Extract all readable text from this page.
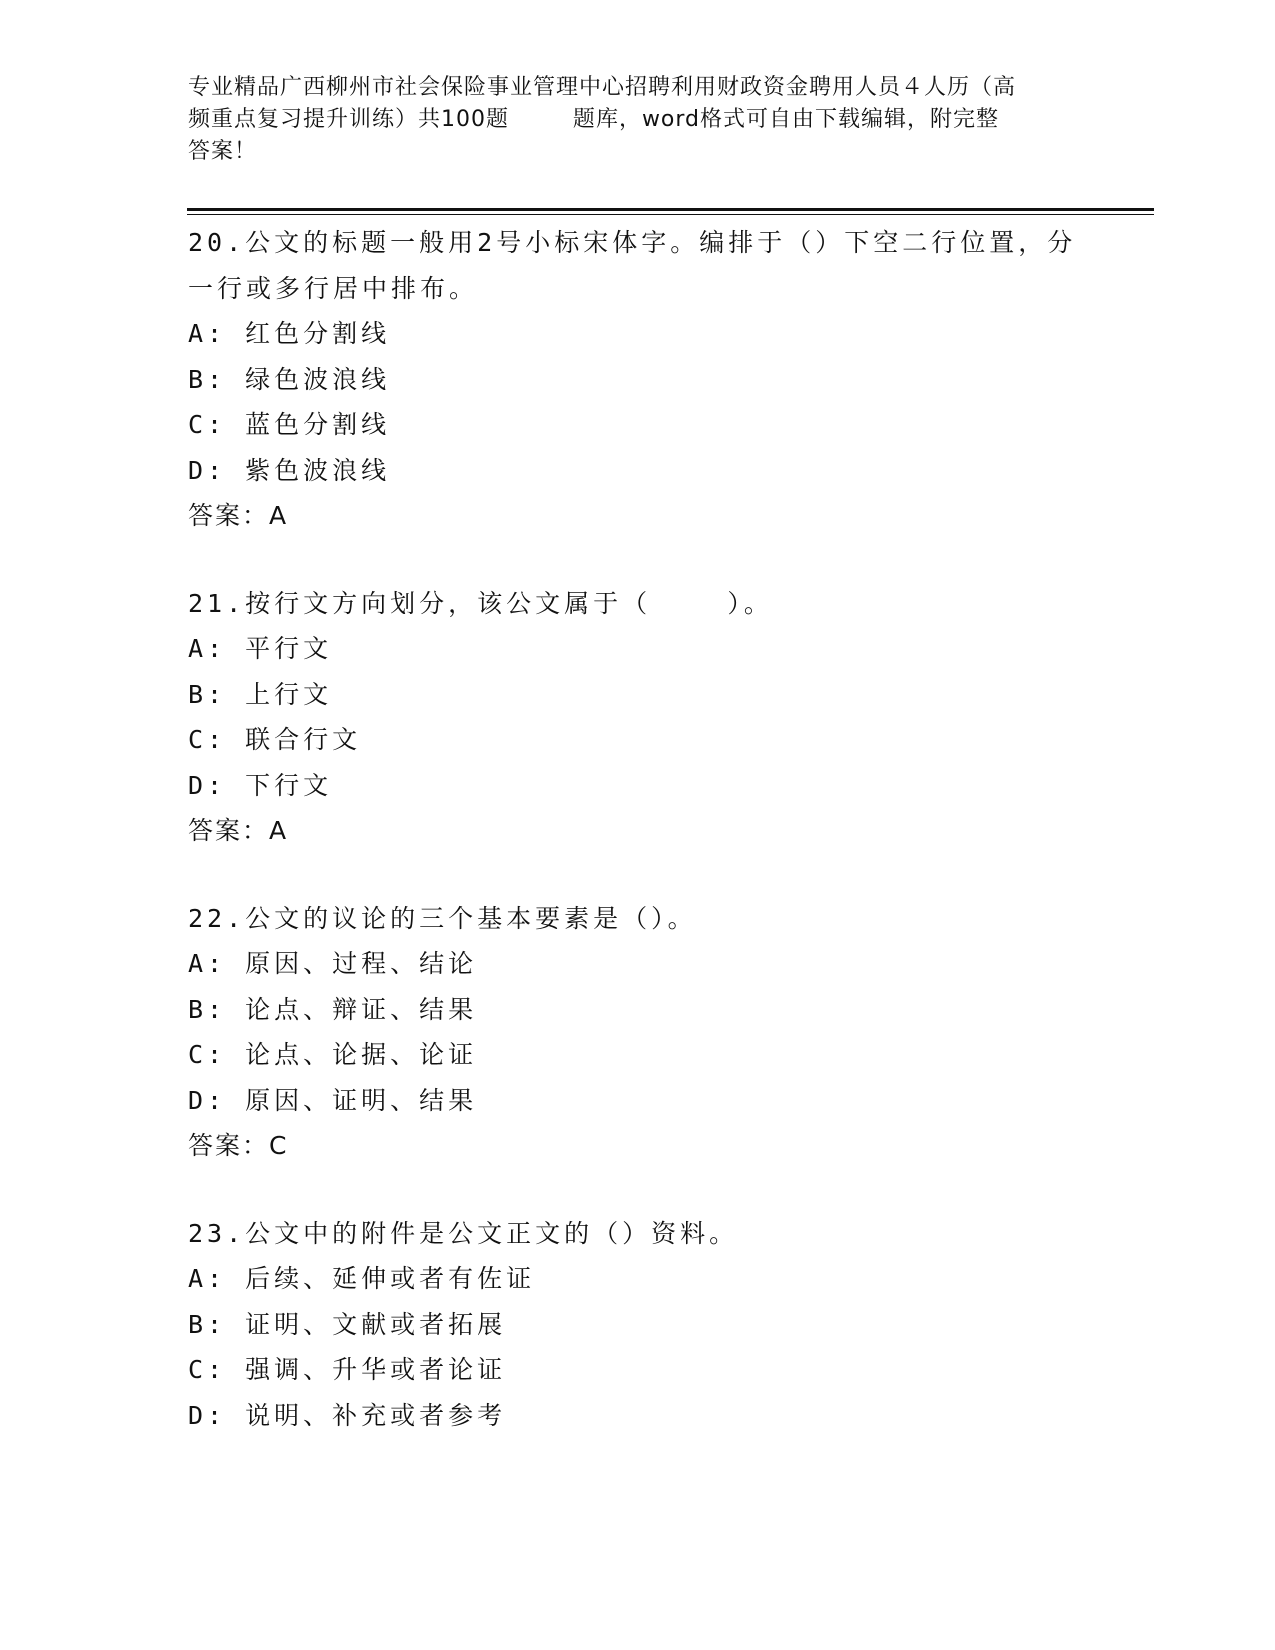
专业精品广西柳州市社会保险事业管理中心招聘利用财政资金聘用人员４人历（高
频重点复习提升训练）共100题        题库，word格式可自由下载编辑，附完整
答案！
20.公文的标题一般用2号小标宋体字。编排于（）下空二行位置，分
一行或多行居中排布。
A: 红色分割线
B: 绿色波浪线
C: 蓝色分割线
D: 紫色波浪线
答案：A
21.按行文方向划分，该公文属于（    ）。
A: 平行文
B: 上行文
C: 联合行文
D: 下行文
答案：A
22.公文的议论的三个基本要素是（）。
A: 原因、过程、结论
B: 论点、辩证、结果
C: 论点、论据、论证
D: 原因、证明、结果
答案：C
23.公文中的附件是公文正文的（）资料。
A: 后续、延伸或者有佐证
B: 证明、文献或者拓展
C: 强调、升华或者论证
D: 说明、补充或者参考
